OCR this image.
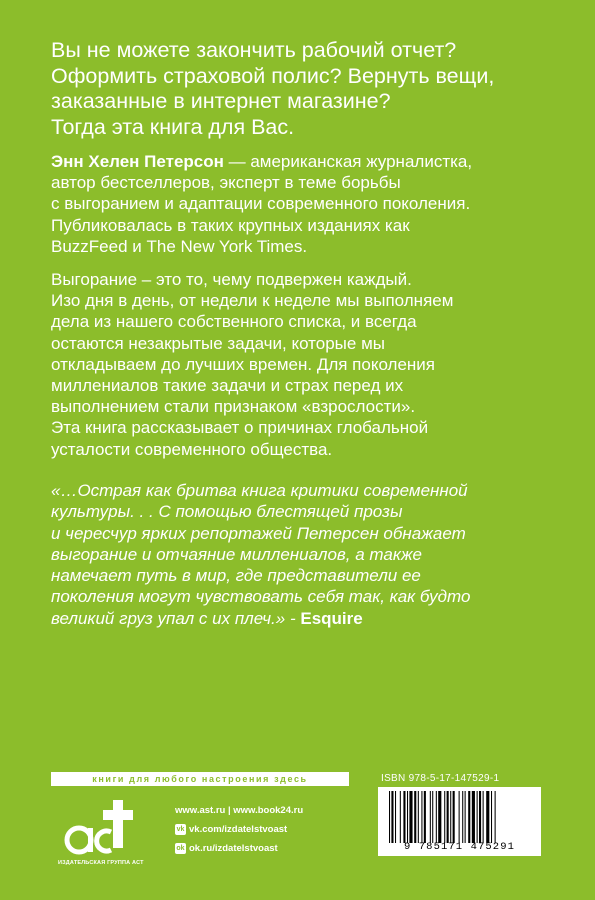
Вы не можете закончить рабочий отчет?

Оформить страховой полис? Вернуть вещи,

заказанные в интернет магазине?

Тогда эта книга для Вас.

Энн Хелен Петерсон — американская журналистка,

автор бестселлеров, эксперт в теме борьбы

с выгоранием и адаптации современного поколения.

Публиковалась в таких крупных изданиях как

BuzzFeed и The New York Times.

Выгорание – это то, чему подвержен каждый.

Изо дня в день, от недели к неделе мы выполняем

дела из нашего собственного списка, и всегда

остаются незакрытые задачи, которые мы

откладываем до лучших времен. Для поколения

миллениалов такие задачи и страх перед их

выполнением стали признаком «взрослости».

Эта книга рассказывает о причинах глобальной

усталости современного общества.

«…Острая как бритва книга критики современной

культуры. . . С помощью блестящей прозы

и чересчур ярких репортажей Петерсен обнажает

выгорание и отчаяние миллениалов, а также

намечает путь в мир, где представители ее

поколения могут чувствовать себя так, как будто

великий груз упал с их плеч.» - Esquire

книги для любого настроения здесь
аст
ИЗДАТЕЛЬСКАЯ ГРУППА АСТ
www.ast.ru | www.book24.ru
vk vk.com/izdatelstvoast
ok ok.ru/izdatelstvoast
ISBN 978-5-17-147529-1
9 785171 475291
